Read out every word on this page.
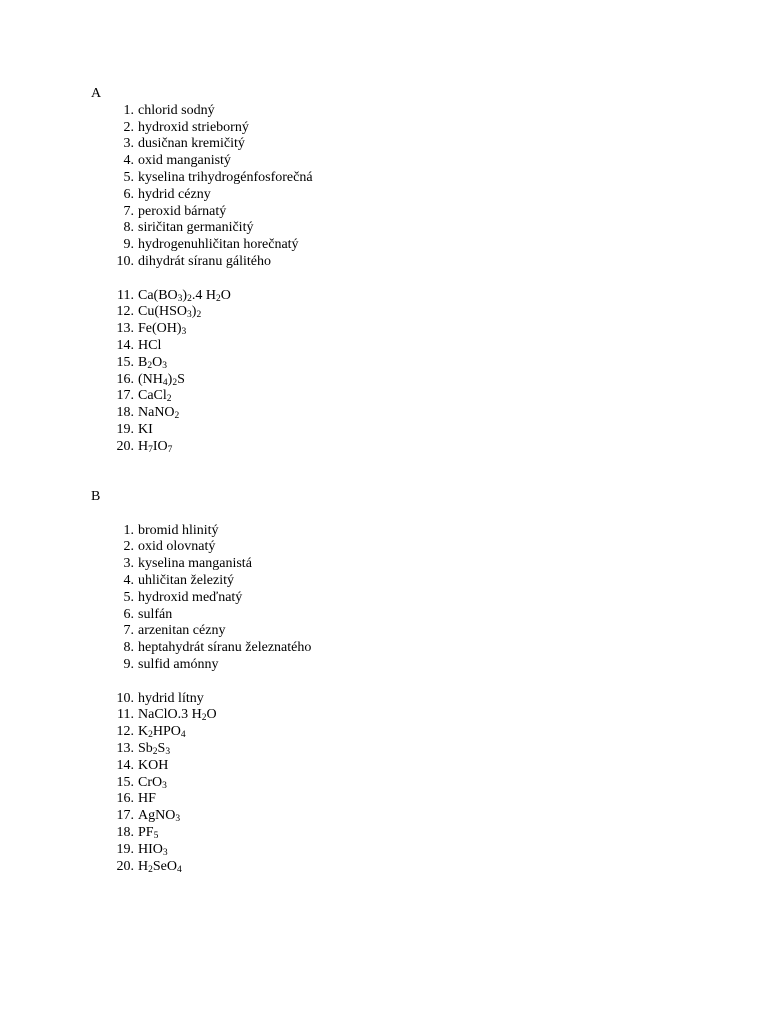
A
1. chlorid sodný
2. hydroxid strieborný
3. dusičnan kremičitý
4. oxid manganistý
5. kyselina trihydrogénfosforečná
6. hydrid cézny
7. peroxid bárnatý
8. siričitan germaničitý
9. hydrogenuhličitan horečnatý
10. dihydrát síranu gálitého
11. $Ca(BO_3)_2.4$ $H_2O$
12. $Cu(HSO_3)_2$
13. $Fe(OH)_3$
14. HCl
15. $B_2O_3$
16. $(NH_4)_2S$
17. CaCl$_2$
18. NaNO$_2$
19. KI
20. $H_7IO_7$
B
1. bromid hlinitý
2. oxid olovnatý
3. kyselina manganistá
4. uhličitan železitý
5. hydroxid meďnatý
6. sulfán
7. arzenitan cézny
8. heptahydrát síranu železnatého
9. sulfid amónny
10. hydrid lítny
11. NaClO.3 $H_2O$
12. $K_2HPO_4$
13. $Sb_2S_3$
14. KOH
15. CrO$_3$
16. HF
17. AgNO$_3$
18. $PF_5$
19. $HIO_3$
20. $H_2SeO_4$
